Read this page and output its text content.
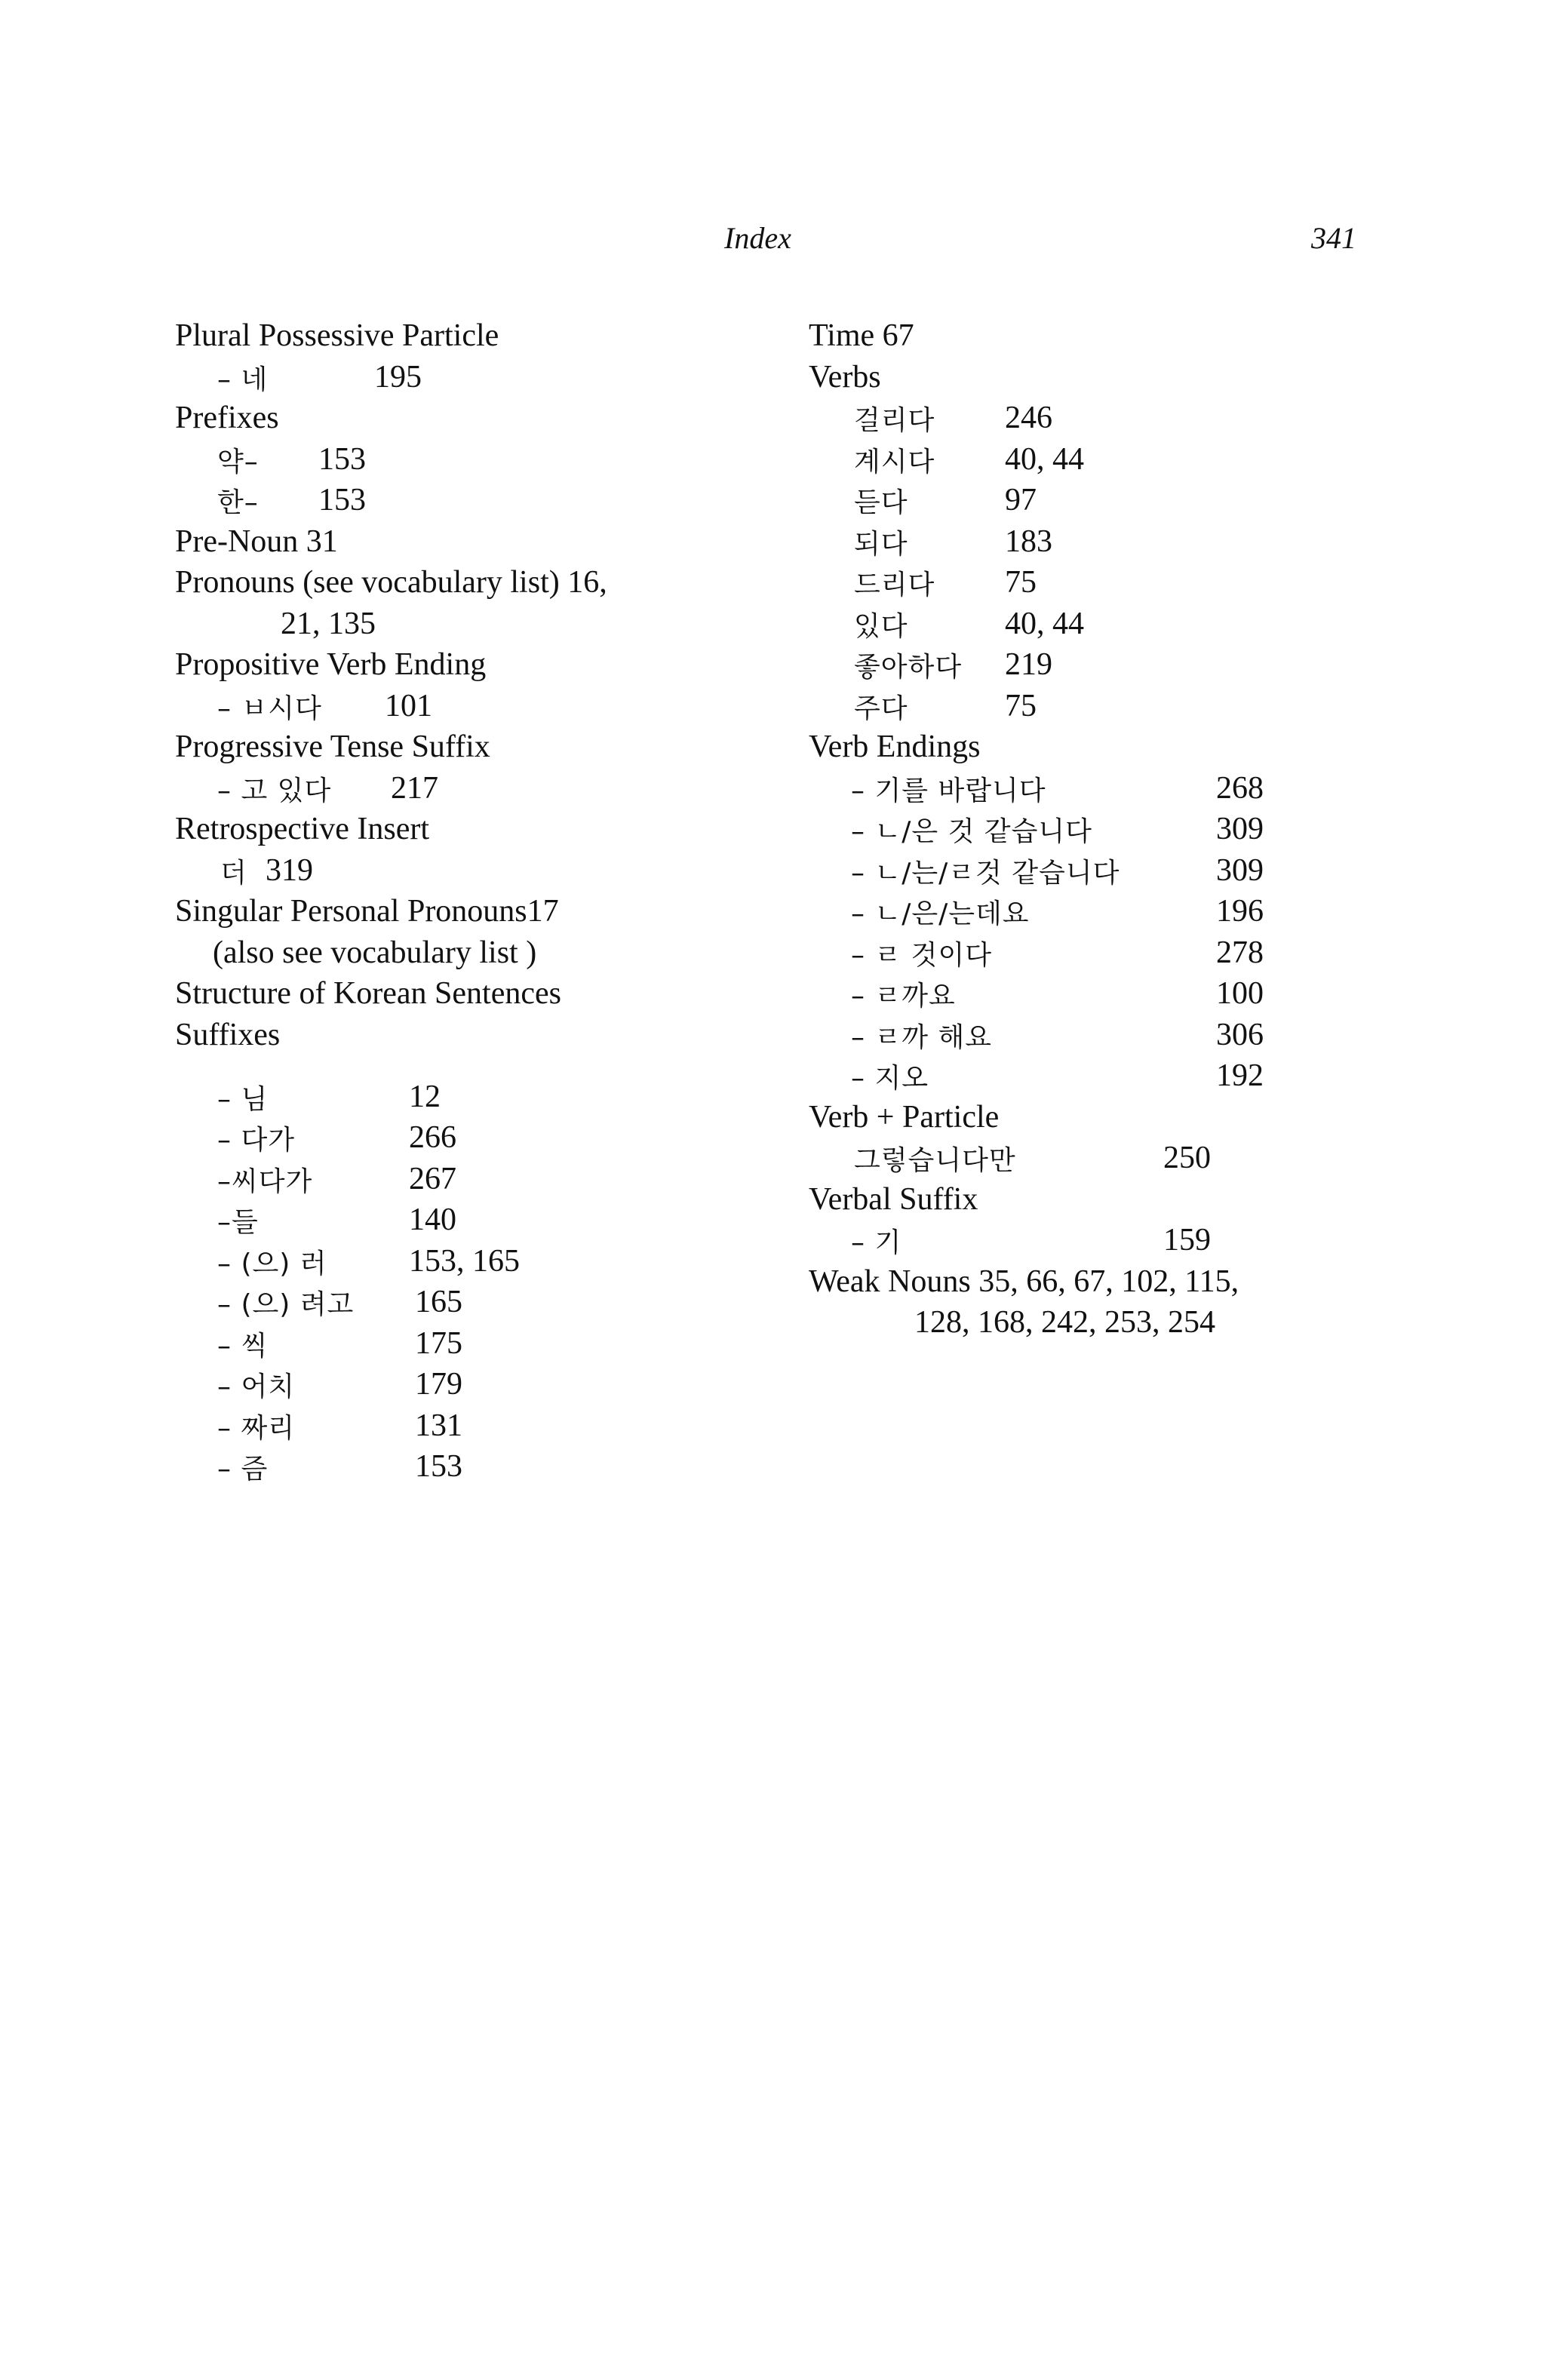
Index	341
Plural Possessive Particle
– 네	195
Prefixes
약– 153
한– 153
Pre-Noun 31
Pronouns (see vocabulary list) 16,
21, 135
Propositive Verb Ending
– ㅂ시다 101
Progressive Tense Suffix
– 고 있다 217
Retrospective Insert
더 319
Singular Personal Pronouns17
(also see vocabulary list )
Structure of Korean Sentences
Suffixes
– 님	12
– 다가	266
–씨다가	267
–들	140
– (으) 러	153, 165
– (으) 려고 165
– 씩	175
– 어치	179
– 짜리	131
– 즘	153
Time 67
Verbs
걸리다 246
계시다 40, 44
듣다	97
되다	183
드리다 75
있다	40, 44
좋아하다 219
주다	75
Verb Endings
– 기를 바랍니다	268
– ㄴ/은 것 같습니다	309
– ㄴ/는/ㄹ것 같습니다	309
– ㄴ/은/는데요	196
– ㄹ 것이다	278
– ㄹ까요	100
– ㄹ까 해요	306
– 지오	192
Verb + Particle
그렇습니다만	250
Verbal Suffix
– 기	159
Weak Nouns 35, 66, 67, 102, 115,
128, 168, 242, 253, 254
